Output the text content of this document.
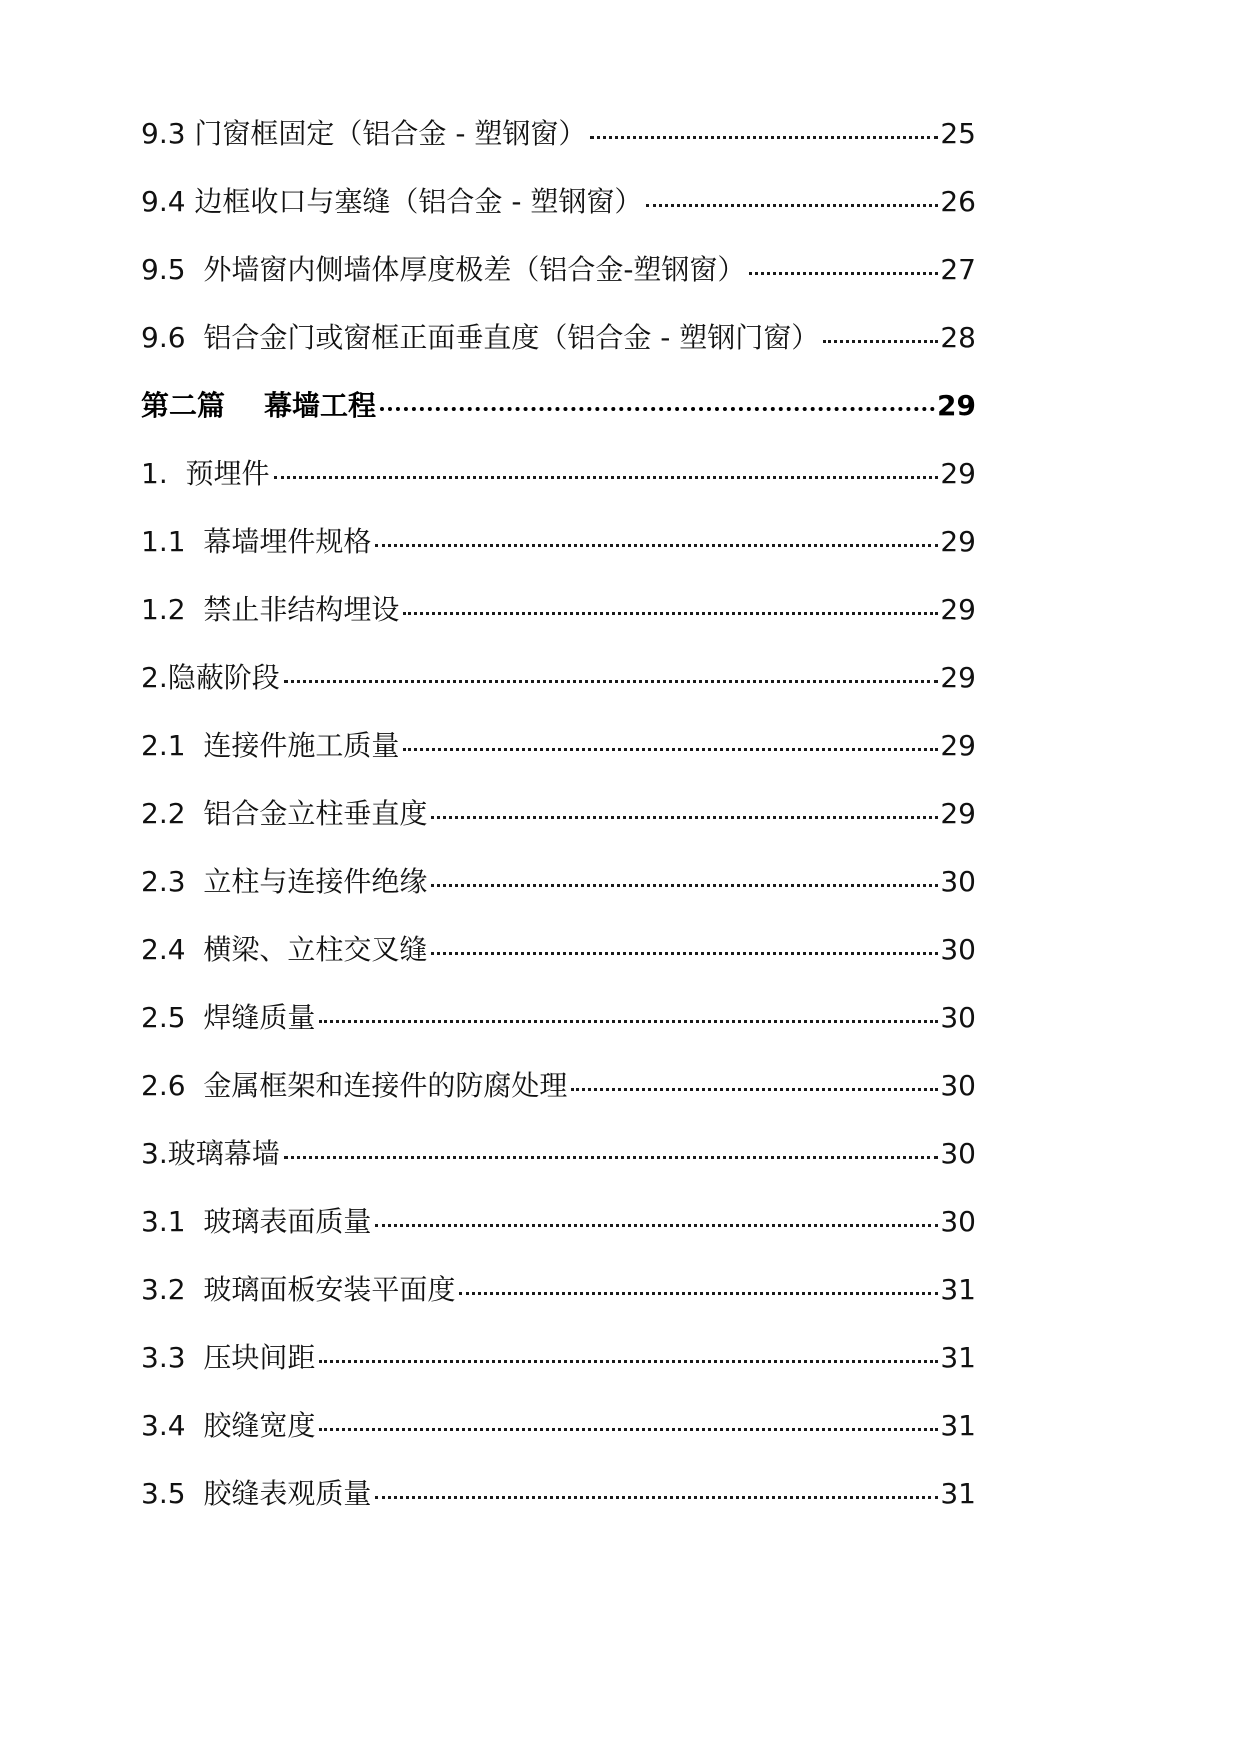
9.3 门窗框固定（铝合金 - 塑钢窗）	25
9.4 边框收口与塞缝（铝合金 - 塑钢窗）	26
9.5  外墙窗内侧墙体厚度极差（铝合金-塑钢窗）	27
9.6  铝合金门或窗框正面垂直度（铝合金 - 塑钢门窗）	28
第二篇    幕墙工程	29
1.  预埋件	29
1.1  幕墙埋件规格	29
1.2  禁止非结构埋设	29
2.隐蔽阶段	29
2.1  连接件施工质量	29
2.2  铝合金立柱垂直度	29
2.3  立柱与连接件绝缘	30
2.4  横梁、立柱交叉缝	30
2.5  焊缝质量	30
2.6  金属框架和连接件的防腐处理	30
3.玻璃幕墙	30
3.1  玻璃表面质量	30
3.2  玻璃面板安装平面度	31
3.3  压块间距	31
3.4  胶缝宽度	31
3.5  胶缝表观质量	31
